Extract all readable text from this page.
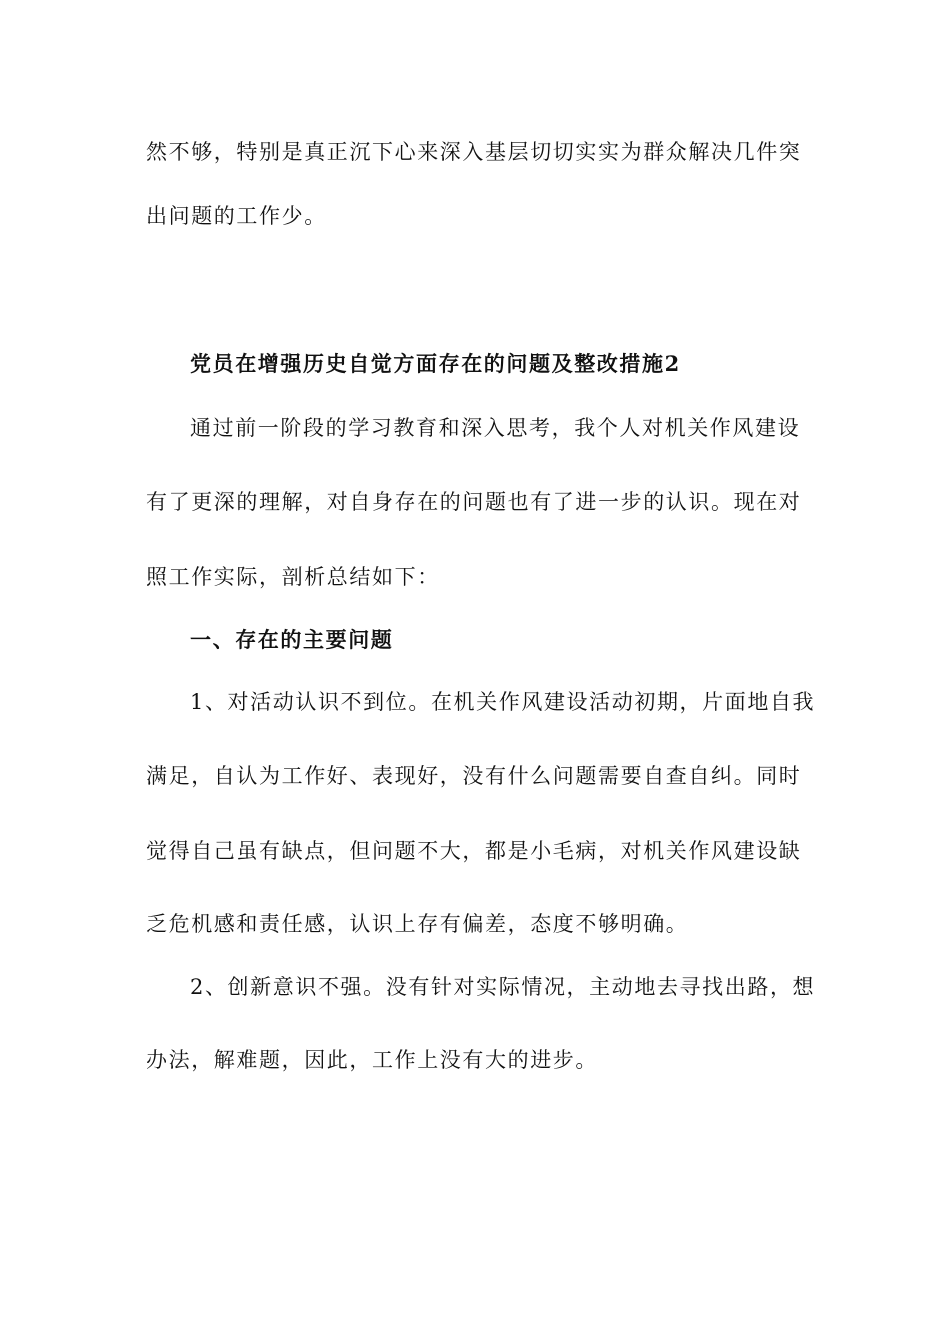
然不够，特别是真正沉下心来深入基层切切实实为群众解决几件突
出问题的工作少。
党员在增强历史自觉方面存在的问题及整改措施2
通过前一阶段的学习教育和深入思考，我个人对机关作风建设
有了更深的理解，对自身存在的问题也有了进一步的认识。现在对
照工作实际，剖析总结如下：
一、存在的主要问题
1、对活动认识不到位。在机关作风建设活动初期，片面地自我
满足，自认为工作好、表现好，没有什么问题需要自查自纠。同时
觉得自己虽有缺点，但问题不大，都是小毛病，对机关作风建设缺
乏危机感和责任感，认识上存有偏差，态度不够明确。
2、创新意识不强。没有针对实际情况，主动地去寻找出路，想
办法，解难题，因此，工作上没有大的进步。
